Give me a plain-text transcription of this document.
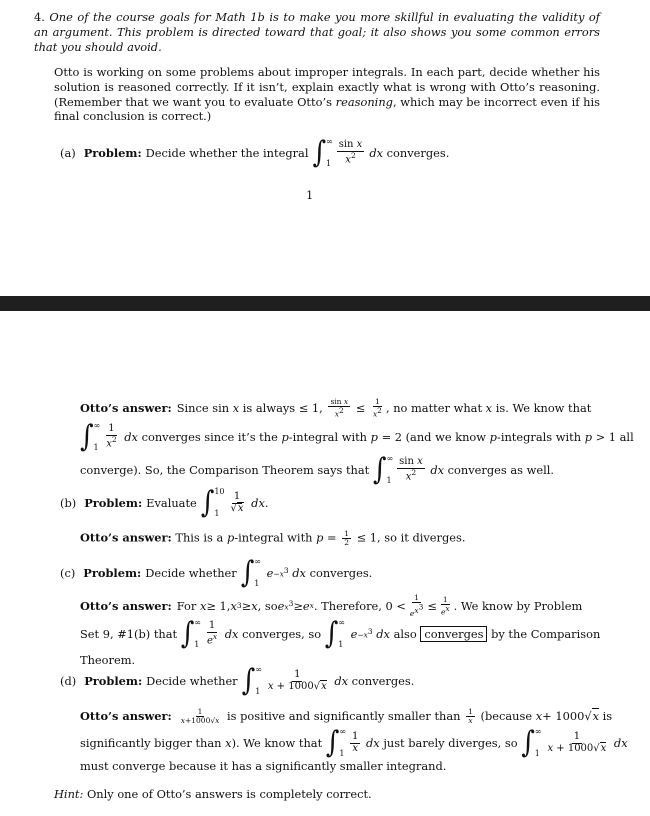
4. One of the course goals for Math 1b is to make you more skillful in evaluating the validity of an argument. This problem is directed toward that goal; it also shows you some common errors that you should avoid.
Otto is working on some problems about improper integrals. In each part, decide whether his solution is reasoned correctly. If it isn’t, explain exactly what is wrong with Otto’s reasoning. (Remember that we want you to evaluate Otto’s reasoning, which may be incorrect even if his final conclusion is correct.)
(a) Problem: Decide whether the integral ∫ ∞
$1 \frac{\text{sin x}}{x^2}$ dx converges.
1
Otto’s answer: Since sin
x
is always ≤ 1,
$\frac{\text{sin x}}{x^2} \le \frac{1}{x^2}$ , no matter what
x
is. We know that
∫ ∞
$1 \frac{1}{x^2}$
dx
converges since it’s the
p -integral with
p
= 2 (and we know
p -integrals with
p
> 1 all
converge). So, the Comparison Theorem says that
∫ ∞
$1 \frac{\text{sin x}}{x^2}$
dx
converges as well.
(b) Problem: Evaluate ∫ 10
$1 \frac{1}{√x}$
dx .
Otto’s answer: This is a p-integral with $p = \frac{1}{2} \le 1$, so it diverges.
(c) Problem: Decide whether ∫ ∞
1

$e -x^3$
dx
converges.
Otto’s answer: For
x ≥ 1, x 3 ≥ x , so e $x^3 \ge e$ x . Therefore, $0 < \frac{1}{e^{x^3}} \le \frac{1}{e^x}$ . We know by Problem
Set 9, #1(b) that
∫ ∞
$1 \frac{1}{e^x}$
dx
converges, so
∫ ∞
1

$e -x^3$
dx
also
converges
by the Comparison
Theorem.
(d) Problem: Decide whether ∫ ∞
$1 \frac{1}{x + 1000√x}$
dx
converges.
Otto’s answer: $\frac{1}{x+1000√x}$
is positive and significantly smaller than
$\frac{1}{x}$
(because
x + 1000√ x
is
significantly bigger than
x ). We know that
∫ ∞
$1 \frac{1}{x}$
dx
just barely diverges, so
∫ ∞
$1 \frac{1}{x + 1000√x}$
dx
must converge because it has a significantly smaller integrand.
Hint: Only one of Otto’s answers is completely correct.
